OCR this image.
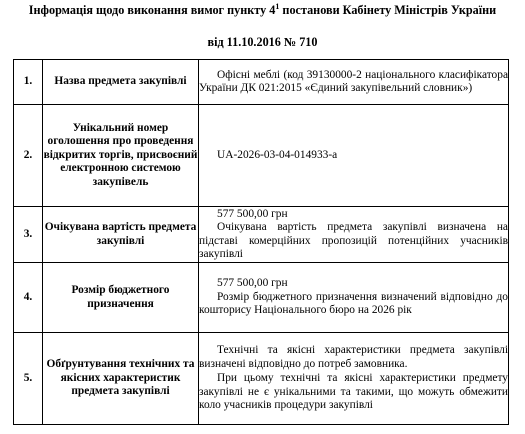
Інформація щодо виконання вимог пункту $4^1$ постанови Кабінету Міністрів України
від 11.10.2016 № 710
1.	Назва предмета закупівлі	Офісні меблі (код 39130000-2 національного класифікатора України ДК 021:2015 «Єдиний закупівельний словник»)

2.	Унікальний номер оголошення про проведення відкритих торгів, присвоєний електронною системою закупівель	UA-2026-03-04-014933-a

3.	Очікувана вартість предмета закупівлі	577 500,00 грн

Очікувана вартість предмета закупівлі визначена на підставі комерційних пропозицій потенційних учасників закупівлі

4.	Розмір бюджетного призначення	577 500,00 грн

Розмір бюджетного призначення визначений відповідно до кошторису Національного бюро на 2026 рік

5.	Обґрунтування технічних та якісних характеристик предмета закупівлі	Технічні та якісні характеристики предмета закупівлі визначені відповідно до потреб замовника.

При цьому технічні та якісні характеристики предмету закупівлі не є унікальними та такими, що можуть обмежити коло учасників процедури закупівлі
